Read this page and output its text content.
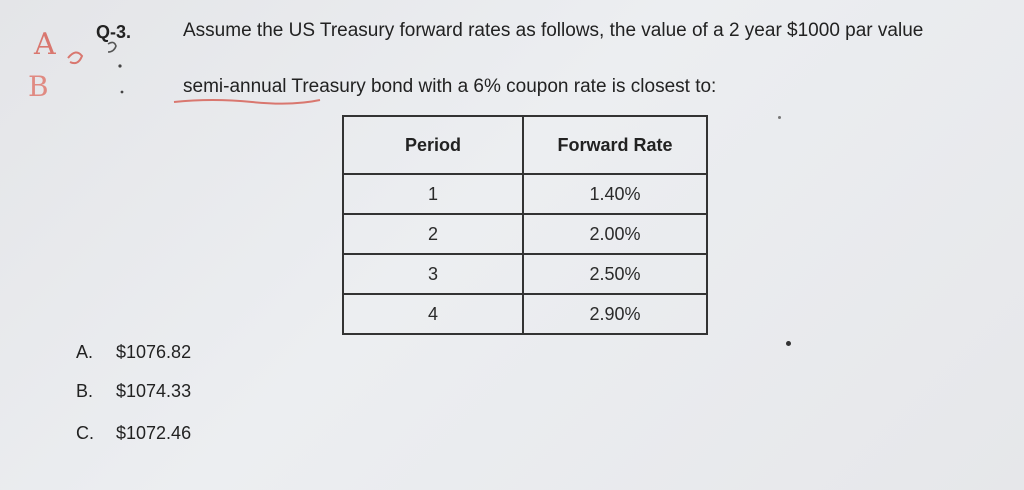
A
B
Q-3.	Assume the US Treasury forward rates as follows, the value of a 2 year $1000 par value
semi-annual Treasury bond with a 6% coupon rate is closest to:
Period	Forward Rate
1	1.40%
2	2.00%
3	2.50%
4	2.90%
A. $1076.82
B. $1074.33
C. $1072.46
